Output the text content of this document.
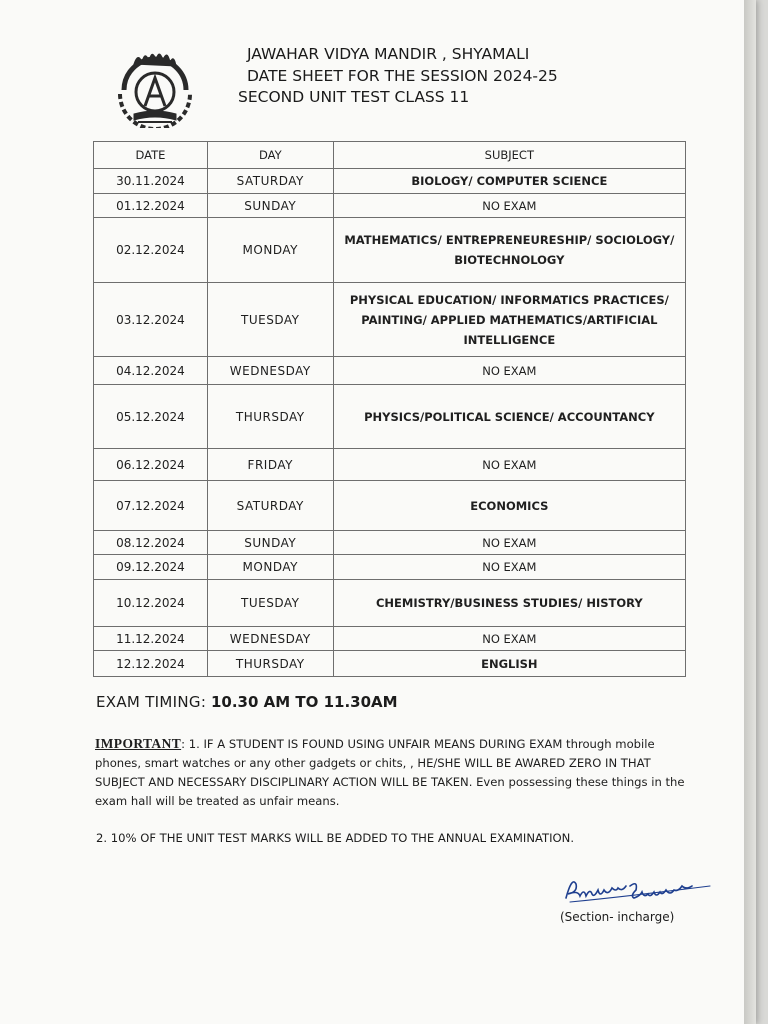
JAWAHAR VIDYA MANDIR , SHYAMALI
DATE SHEET FOR THE SESSION 2024-25
SECOND UNIT TEST CLASS 11
DATE	DAY	SUBJECT
30.11.2024	SATURDAY	BIOLOGY/ COMPUTER SCIENCE
01.12.2024	SUNDAY	NO EXAM
02.12.2024	MONDAY	MATHEMATICS/ ENTREPRENEURESHIP/ SOCIOLOGY/ BIOTECHNOLOGY
03.12.2024	TUESDAY	PHYSICAL EDUCATION/ INFORMATICS PRACTICES/ PAINTING/ APPLIED MATHEMATICS/ARTIFICIAL INTELLIGENCE
04.12.2024	WEDNESDAY	NO EXAM
05.12.2024	THURSDAY	PHYSICS/POLITICAL SCIENCE/ ACCOUNTANCY
06.12.2024	FRIDAY	NO EXAM
07.12.2024	SATURDAY	ECONOMICS
08.12.2024	SUNDAY	NO EXAM
09.12.2024	MONDAY	NO EXAM
10.12.2024	TUESDAY	CHEMISTRY/BUSINESS STUDIES/ HISTORY
11.12.2024	WEDNESDAY	NO EXAM
12.12.2024	THURSDAY	ENGLISH
EXAM TIMING: 10.30 AM TO 11.30AM
IMPORTANT: 1. IF A STUDENT IS FOUND USING UNFAIR MEANS DURING EXAM through mobile phones, smart watches or any other gadgets or chits, , HE/SHE WILL BE AWARED ZERO IN THAT SUBJECT AND NECESSARY DISCIPLINARY ACTION WILL BE TAKEN. Even possessing these things in the exam hall will be treated as unfair means.
2. 10% OF THE UNIT TEST MARKS WILL BE ADDED TO THE ANNUAL EXAMINATION.
(Section- incharge)
